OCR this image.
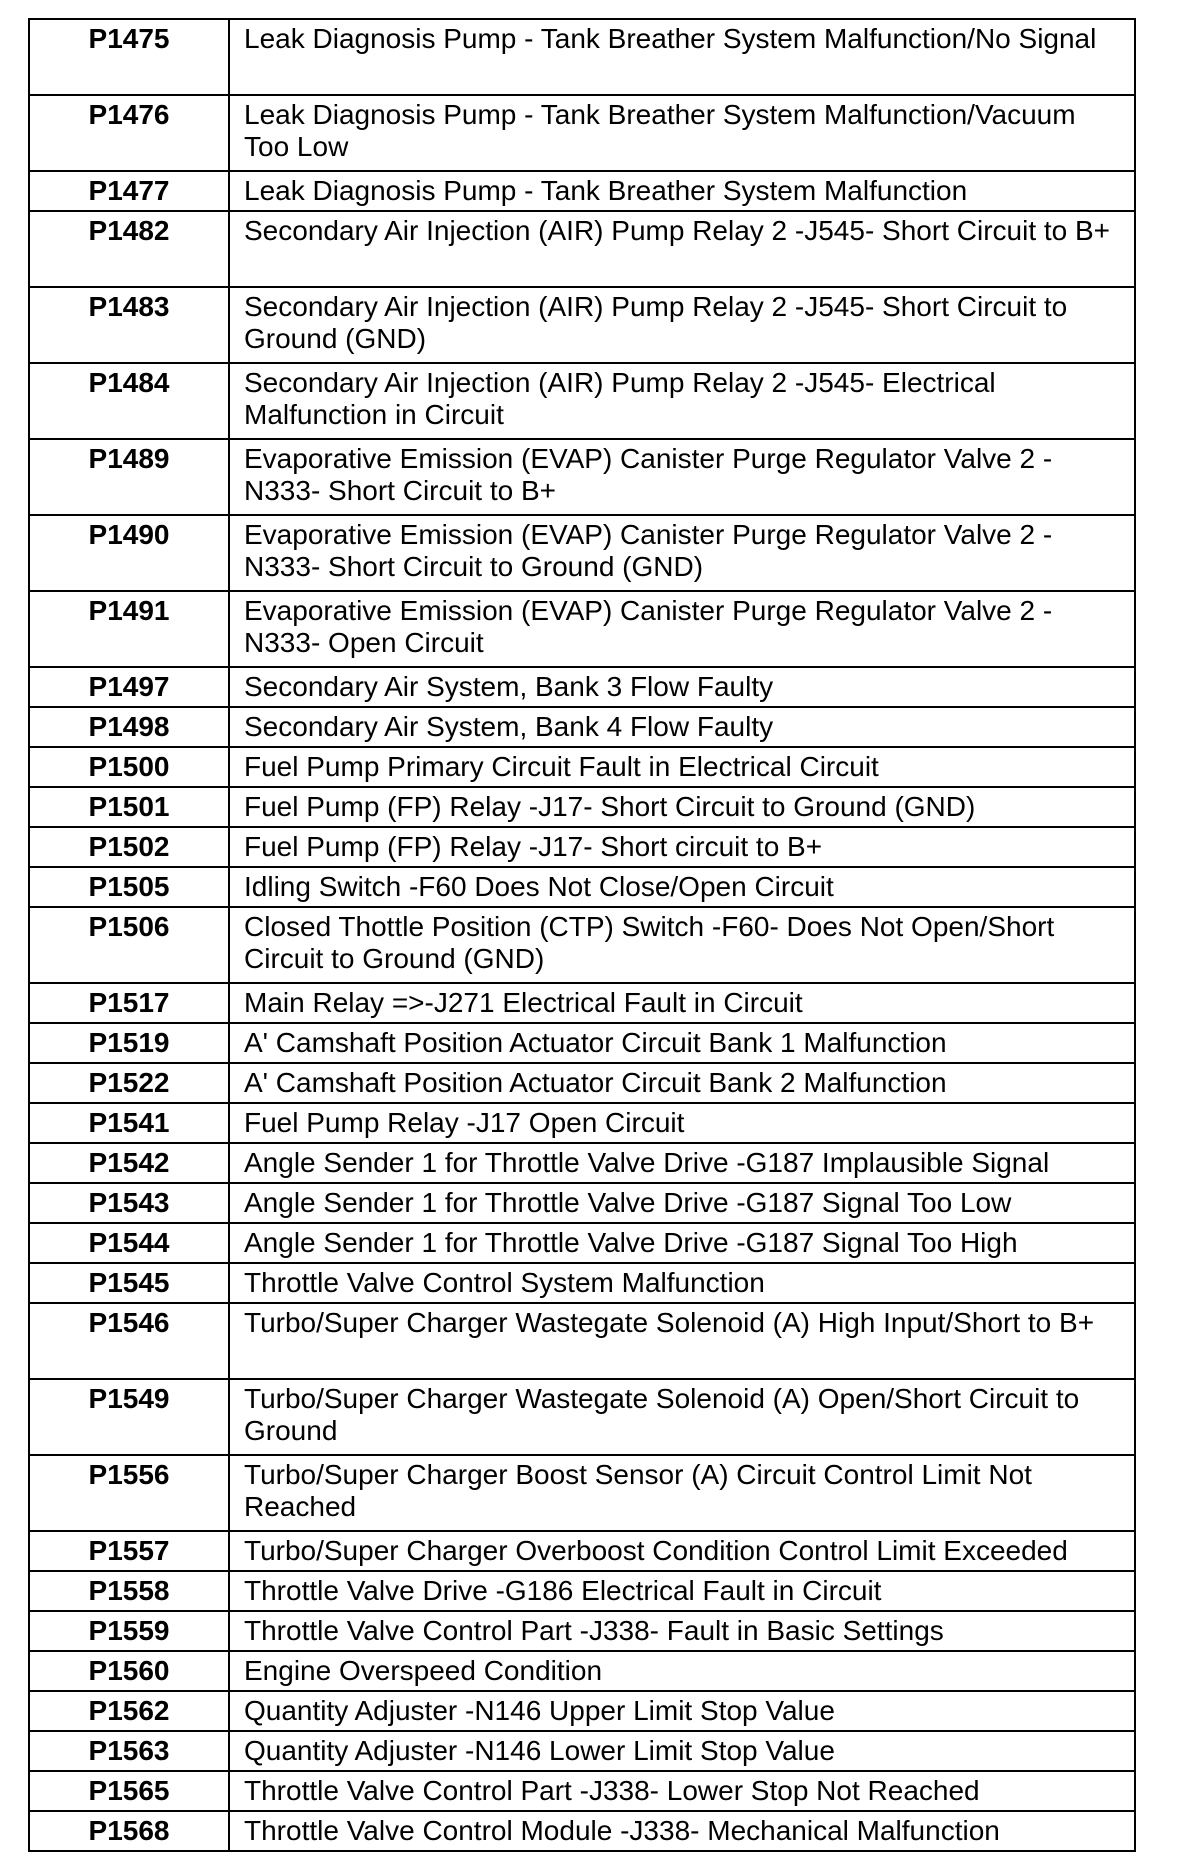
P1475	Leak Diagnosis Pump - Tank Breather System Malfunction/No Signal
P1476	Leak Diagnosis Pump - Tank Breather System Malfunction/Vacuum Too Low
P1477	Leak Diagnosis Pump - Tank Breather System Malfunction
P1482	Secondary Air Injection (AIR) Pump Relay 2 -J545- Short Circuit to B+
P1483	Secondary Air Injection (AIR) Pump Relay 2 -J545- Short Circuit to Ground (GND)
P1484	Secondary Air Injection (AIR) Pump Relay 2 -J545- Electrical Malfunction in Circuit
P1489	Evaporative Emission (EVAP) Canister Purge Regulator Valve 2 -N333- Short Circuit to B+
P1490	Evaporative Emission (EVAP) Canister Purge Regulator Valve 2 -N333- Short Circuit to Ground (GND)
P1491	Evaporative Emission (EVAP) Canister Purge Regulator Valve 2 -N333- Open Circuit
P1497	Secondary Air System, Bank 3 Flow Faulty
P1498	Secondary Air System, Bank 4 Flow Faulty
P1500	Fuel Pump Primary Circuit Fault in Electrical Circuit
P1501	Fuel Pump (FP) Relay -J17- Short Circuit to Ground (GND)
P1502	Fuel Pump (FP) Relay -J17- Short circuit to B+
P1505	Idling Switch -F60 Does Not Close/Open Circuit
P1506	Closed Thottle Position (CTP) Switch -F60- Does Not Open/Short Circuit to Ground (GND)
P1517	Main Relay =>-J271 Electrical Fault in Circuit
P1519	A' Camshaft Position Actuator Circuit Bank 1 Malfunction
P1522	A' Camshaft Position Actuator Circuit Bank 2 Malfunction
P1541	Fuel Pump Relay -J17 Open Circuit
P1542	Angle Sender 1 for Throttle Valve Drive -G187 Implausible Signal
P1543	Angle Sender 1 for Throttle Valve Drive -G187 Signal Too Low
P1544	Angle Sender 1 for Throttle Valve Drive -G187 Signal Too High
P1545	Throttle Valve Control System Malfunction
P1546	Turbo/Super Charger Wastegate Solenoid (A) High Input/Short to B+
P1549	Turbo/Super Charger Wastegate Solenoid (A) Open/Short Circuit to Ground
P1556	Turbo/Super Charger Boost Sensor (A) Circuit Control Limit Not Reached
P1557	Turbo/Super Charger Overboost Condition Control Limit Exceeded
P1558	Throttle Valve Drive -G186 Electrical Fault in Circuit
P1559	Throttle Valve Control Part -J338- Fault in Basic Settings
P1560	Engine Overspeed Condition
P1562	Quantity Adjuster -N146 Upper Limit Stop Value
P1563	Quantity Adjuster -N146 Lower Limit Stop Value
P1565	Throttle Valve Control Part -J338- Lower Stop Not Reached
P1568	Throttle Valve Control Module -J338- Mechanical Malfunction
